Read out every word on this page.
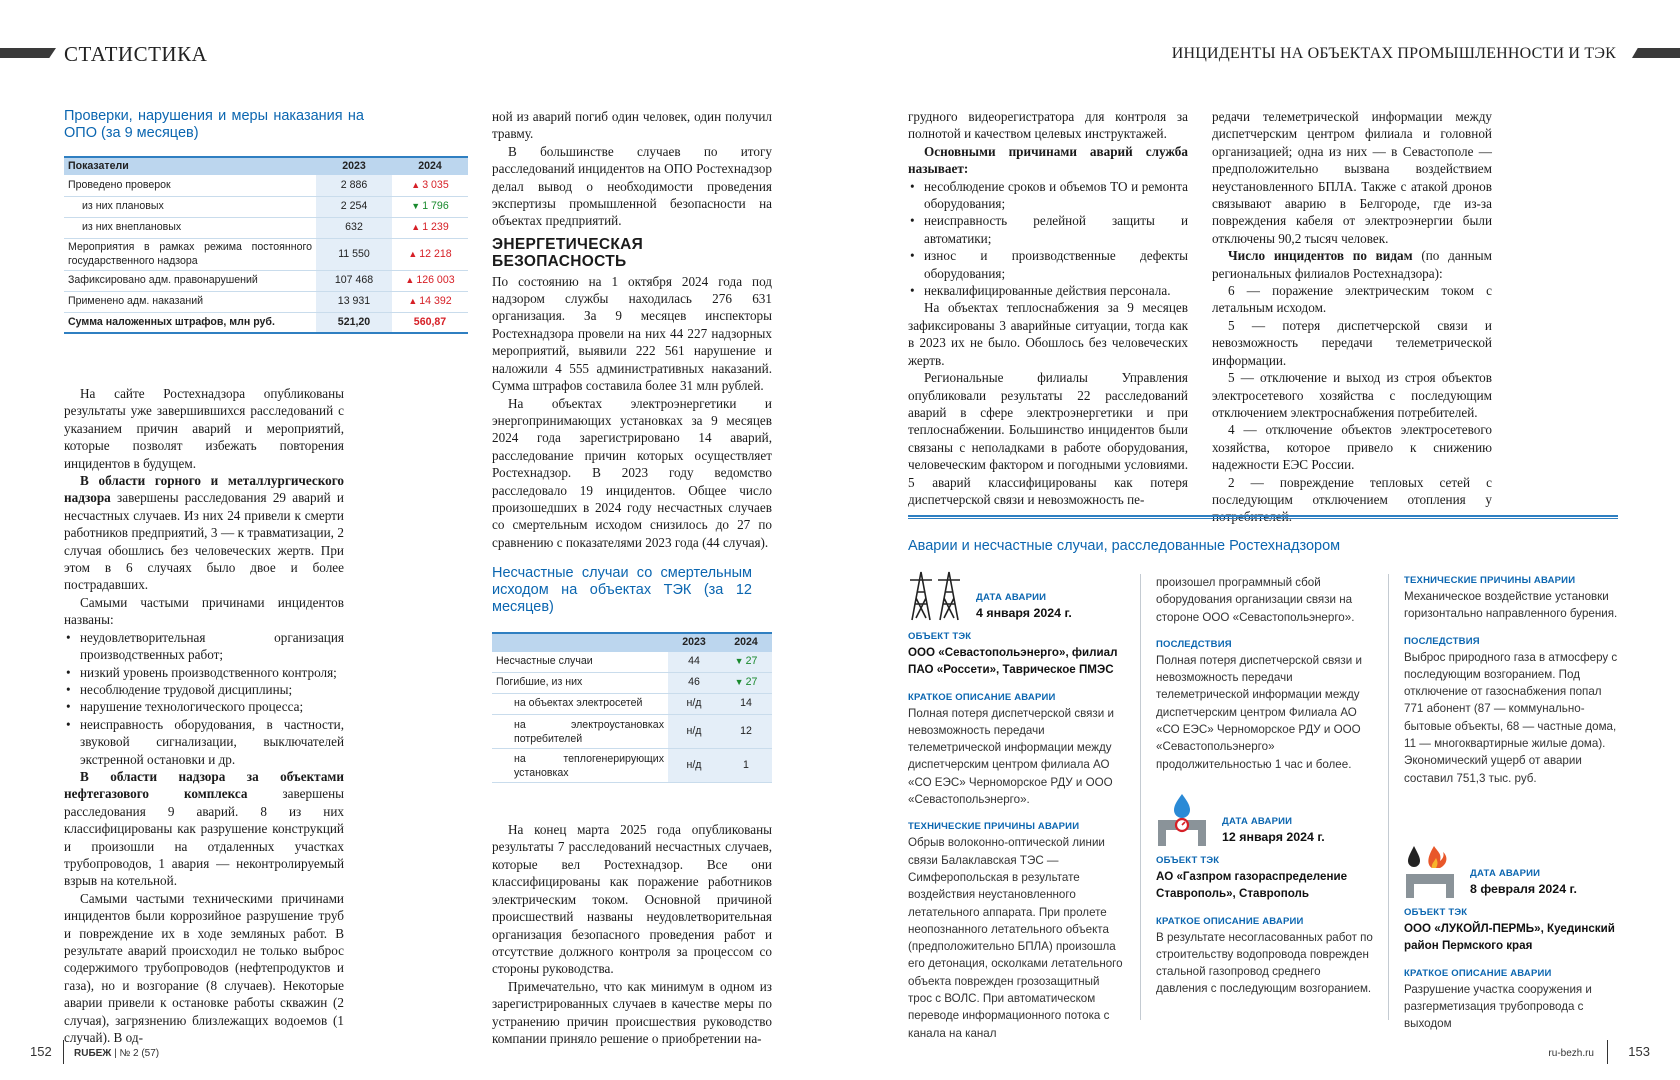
СТАТИСТИКА	ИНЦИДЕНТЫ НА ОБЪЕКТАХ ПРОМЫШЛЕННОСТИ И ТЭК
Проверки, нарушения и меры наказания на ОПО (за 9 месяцев)
Показатели	2023	2024
Проведено проверок	2 886	▲ 3 035
из них плановых	2 254	▼ 1 796
из них внеплановых	632	▲ 1 239
Мероприятия в рамках режима постоянного государственного надзора	11 550	▲ 12 218
Зафиксировано адм. правонарушений	107 468	▲ 126 003
Применено адм. наказаний	13 931	▲ 14 392
Сумма наложенных штрафов, млн руб.	521,20	560,87

На сайте Ростехнадзора опубликованы результаты уже завершившихся расследований с указанием причин аварий и мероприятий, которые позволят избежать повторения инцидентов в будущем.

В области горного и металлургического надзора завершены расследования 29 аварий и несчастных случаев. Из них 24 привели к смерти работников предприятий, 3 — к травматизации, 2 случая обошлись без человеческих жертв. При этом в 6 случаях было двое и более пострадавших.

Самыми частыми причинами инцидентов названы:

• неудовлетворительная организация производственных работ;
• низкий уровень производственного контроля;
• несоблюдение трудовой дисциплины;
• нарушение технологического процесса;
• неисправность оборудования, в частности, звуковой сигнализации, выключателей экстренной остановки и др.

В области надзора за объектами нефтегазового комплекса завершены расследования 9 аварий. 8 из них классифицированы как разрушение конструкций и произошли на отдаленных участках трубопроводов, 1 авария — неконтролируемый взрыв на котельной.

Самыми частыми техническими причинами инцидентов были коррозийное разрушение труб и повреждение их в ходе земляных работ. В результате аварий происходил не только выброс содержимого трубопроводов (нефтепродуктов и газа), но и возгорание (8 случаев). Некоторые аварии привели к остановке работы скважин (2 случая), загрязнению близлежащих водоемов (1 случай). В од-

ной из аварий погиб один человек, один получил травму.

В большинстве случаев по итогу расследований инцидентов на ОПО Ростехнадзор делал вывод о необходимости проведения экспертизы промышленной безопасности на объектах предприятий.

ЭНЕРГЕТИЧЕСКАЯ БЕЗОПАСНОСТЬ

По состоянию на 1 октября 2024 года под надзором службы находилась 276 631 организация. За 9 месяцев инспекторы Ростехнадзора провели на них 44 227 надзорных мероприятий, выявили 222 561 нарушение и наложили 4 555 административных наказаний. Сумма штрафов составила более 31 млн рублей.

На объектах электроэнергетики и энергопринимающих установках за 9 месяцев 2024 года зарегистрировано 14 аварий, расследование причин которых осуществляет Ростехнадзор. В 2023 году ведомство расследовало 19 инцидентов. Общее число произошедших в 2024 году несчастных случаев со смертельным исходом снизилось до 27 по сравнению с показателями 2023 года (44 случая).

Несчастные случаи со смертельным исходом на объектах ТЭК (за 12 месяцев)
	2023	2024
Несчастные случаи	44	▼ 27
Погибшие, из них	46	▼ 27
на объектах электросетей	н/д	14
на электроустановках потребителей	н/д	12
на теплогенерирующих установках	н/д	1

На конец марта 2025 года опубликованы результаты 7 расследований несчастных случаев, которые вел Ростехнадзор. Все они классифицированы как поражение работников электрическим током. Основной причиной происшествий названы неудовлетворительная организация безопасного проведения работ и отсутствие должного контроля за процессом со стороны руководства.

Примечательно, что как минимум в одном из зарегистрированных случаев в качестве меры по устранению причин происшествия руководство компании приняло решение о приобретении на-

грудного видеорегистратора для контроля за полнотой и качеством целевых инструктажей.

Основными причинами аварий служба называет:

• несоблюдение сроков и объемов ТО и ремонта оборудования;
• неисправность релейной защиты и автоматики;
• износ и производственные дефекты оборудования;
• неквалифицированные действия персонала.

На объектах теплоснабжения за 9 месяцев зафиксированы 3 аварийные ситуации, тогда как в 2023 их не было. Обошлось без человеческих жертв.

Региональные филиалы Управления опубликовали результаты 22 расследований аварий в сфере электроэнергетики и при теплоснабжении. Большинство инцидентов были связаны с неполадками в работе оборудования, человеческим фактором и погодными условиями. 5 аварий классифицированы как потеря диспетчерской связи и невозможность пе-

редачи телеметрической информации между диспетчерским центром филиала и головной организацией; одна из них — в Севастополе — предположительно вызвана воздействием неустановленного БПЛА. Также с атакой дронов связывают аварию в Белгороде, где из-за повреждения кабеля от электроэнергии были отключены 90,2 тысяч человек.

Число инцидентов по видам (по данным региональных филиалов Ростехнадзора):

6 — поражение электрическим током с летальным исходом.

5 — потеря диспетчерской связи и невозможность передачи телеметрической информации.

5 — отключение и выход из строя объектов электросетевого хозяйства с последующим отключением электроснабжения потребителей.

4 — отключение объектов электросетевого хозяйства, которое привело к снижению надежности ЕЭС России.

2 — повреждение тепловых сетей с последующим отключением отопления у потребителей.

Аварии и несчастные случаи, расследованные Ростехнадзором
ДАТА АВАРИИ
4 января 2024 г.
ОБЪЕКТ ТЭК
ООО «Севастопольэнерго», филиал ПАО «Россети», Таврическое ПМЭС
КРАТКОЕ ОПИСАНИЕ АВАРИИ
Полная потеря диспетчерской связи и невозможность передачи телеметрической информации между диспетчерским центром филиала АО «СО ЕЭС» Черноморское РДУ и ООО «Севастопольэнерго».
ТЕХНИЧЕСКИЕ ПРИЧИНЫ АВАРИИ
Обрыв волоконно-оптической линии связи Балаклавская ТЭС — Симферопольская в результате воздействия неустановленного летательного аппарата. При пролете неопознанного летательного объекта (предположительно БПЛА) произошла его детонация, осколками летательного объекта поврежден грозозащитный трос с ВОЛС. При автоматическом переводе информационного потока с канала на канал
произошел программный сбой оборудования организации связи на стороне ООО «Севастопольэнерго».
ПОСЛЕДСТВИЯ
Полная потеря диспетчерской связи и невозможность передачи телеметрической информации между диспетчерским центром Филиала АО «СО ЕЭС» Черноморское РДУ и ООО «Севастопольэнерго» продолжительностью 1 час и более.
ДАТА АВАРИИ
12 января 2024 г.
ОБЪЕКТ ТЭК
АО «Газпром газораспределение Ставрополь», Ставрополь
КРАТКОЕ ОПИСАНИЕ АВАРИИ
В результате несогласованных работ по строительству водопровода поврежден стальной газопровод среднего давления с последующим возгоранием.
ТЕХНИЧЕСКИЕ ПРИЧИНЫ АВАРИИ
Механическое воздействие установки горизонтально направленного бурения.
ПОСЛЕДСТВИЯ
Выброс природного газа в атмосферу с последующим возгоранием. Под отключение от газоснабжения попал 771 абонент (87 — коммунально-бытовые объекты, 68 — частные дома, 11 — многоквартирные жилые дома). Экономический ущерб от аварии составил 751,3 тыс. руб.
ДАТА АВАРИИ
8 февраля 2024 г.
ОБЪЕКТ ТЭК
ООО «ЛУКОЙЛ-ПЕРМЬ», Куединский район Пермского края
КРАТКОЕ ОПИСАНИЕ АВАРИИ
Разрушение участка сооружения и разгерметизация трубопровода с выходом
152 RUБЕЖ | № 2 (57)	ru-bezh.ru	153
